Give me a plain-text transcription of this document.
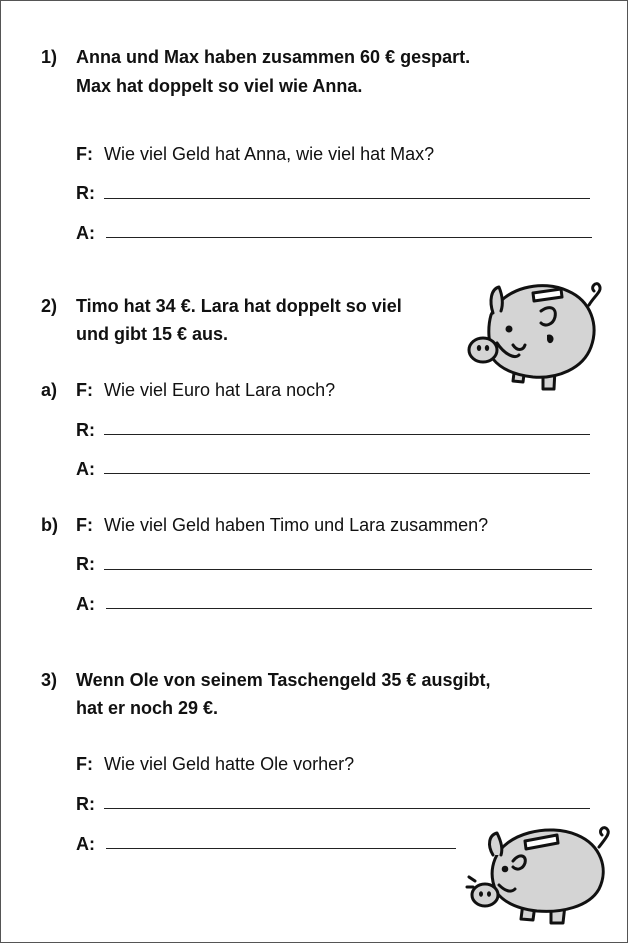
1) Anna und Max haben zusammen 60 € gespart.
Max hat doppelt so viel wie Anna.
F: Wie viel Geld hat Anna, wie viel hat Max?
R:
A:
2) Timo hat 34 €. Lara hat doppelt so viel
und gibt 15 € aus.
a) F: Wie viel Euro hat Lara noch?
R:
A:
b) F: Wie viel Geld haben Timo und Lara zusammen?
R:
A:
3) Wenn Ole von seinem Taschengeld 35 € ausgibt,
hat er noch 29 €.
F: Wie viel Geld hatte Ole vorher?
R:
A:
